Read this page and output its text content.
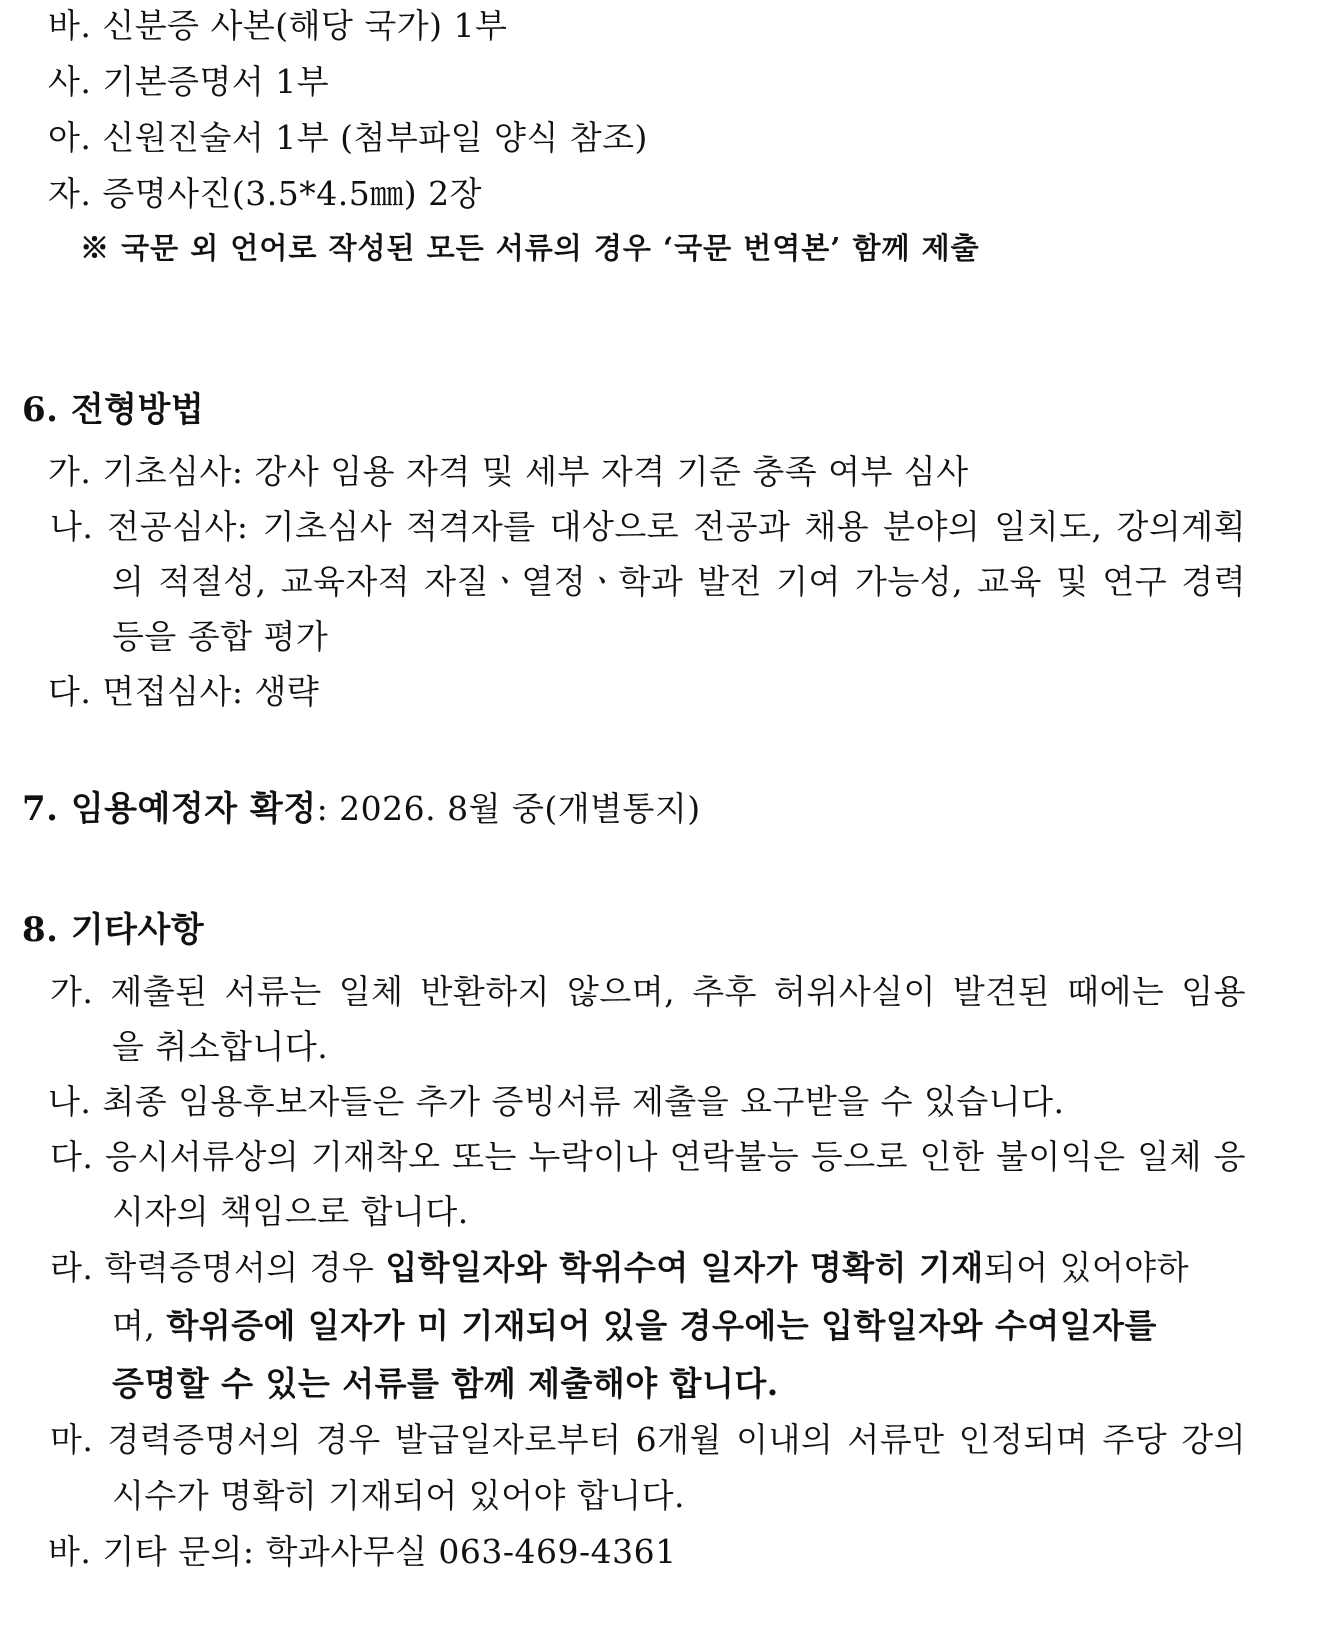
바. 신분증 사본(해당 국가) 1부
사. 기본증명서 1부
아. 신원진술서 1부 (첨부파일 양식 참조)
자. 증명사진(3.5*4.5㎜) 2장
※ 국문 외 언어로 작성된 모든 서류의 경우 ‘국문 번역본’ 함께 제출
6. 전형방법
가. 기초심사: 강사 임용 자격 및 세부 자격 기준 충족 여부 심사
나. 전공심사: 기초심사 적격자를 대상으로 전공과 채용 분야의 일치도, 강의계획
의 적절성, 교육자적 자질ㆍ열정ㆍ학과 발전 기여 가능성, 교육 및 연구 경력
등을 종합 평가
다. 면접심사: 생략
7. 임용예정자 확정: 2026. 8월 중(개별통지)
8. 기타사항
가. 제출된 서류는 일체 반환하지 않으며, 추후 허위사실이 발견된 때에는 임용
을 취소합니다.
나. 최종 임용후보자들은 추가 증빙서류 제출을 요구받을 수 있습니다.
다. 응시서류상의 기재착오 또는 누락이나 연락불능 등으로 인한 불이익은 일체 응
시자의 책임으로 합니다.
라. 학력증명서의 경우 입학일자와 학위수여 일자가 명확히 기재되어 있어야하
며, 학위증에 일자가 미 기재되어 있을 경우에는 입학일자와 수여일자를
증명할 수 있는 서류를 함께 제출해야 합니다.
마. 경력증명서의 경우 발급일자로부터 6개월 이내의 서류만 인정되며 주당 강의
시수가 명확히 기재되어 있어야 합니다.
바. 기타 문의: 학과사무실 063-469-4361
